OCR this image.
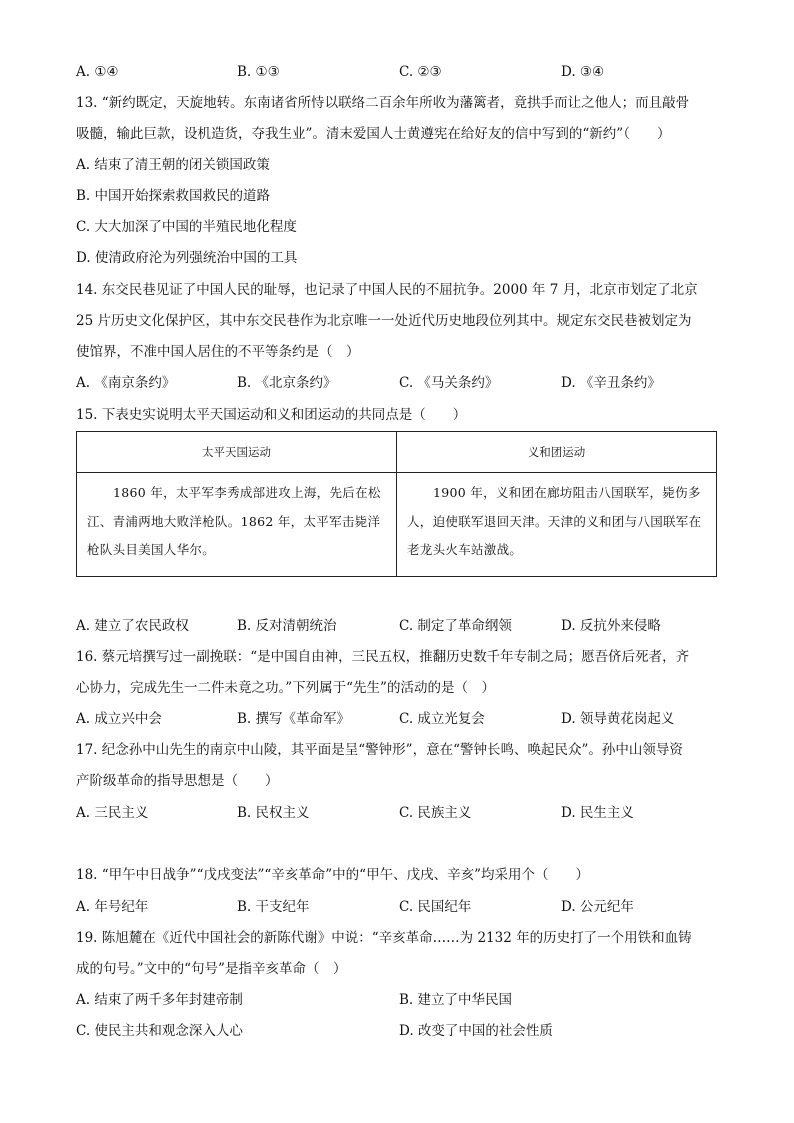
A. ①④	B. ①③	C. ②③	D. ③④
13. “新约既定，天旋地转。东南诸省所恃以联络二百余年所收为藩篱者，竟拱手而让之他人；而且敲骨
吸髓，输此巨款，设机造货，夺我生业”。清末爱国人士黄遵宪在给好友的信中写到的“新约”（　　）
A. 结束了清王朝的闭关锁国政策
B. 中国开始探索救国救民的道路
C. 大大加深了中国的半殖民地化程度
D. 使清政府沦为列强统治中国的工具
14. 东交民巷见证了中国人民的耻辱，也记录了中国人民的不屈抗争。2000 年 7 月，北京市划定了北京
25 片历史文化保护区，其中东交民巷作为北京唯一一处近代历史地段位列其中。规定东交民巷被划定为
使馆界，不准中国人居住的不平等条约是（　）
A. 《南京条约》	B. 《北京条约》	C. 《马关条约》	D. 《辛丑条约》
15. 下表史实说明太平天国运动和义和团运动的共同点是（　　）
太平天国运动	义和团运动
1860 年，太平军李秀成部进攻上海，先后在松江、青浦两地大败洋枪队。1862 年，太平军击毙洋枪队头目美国人华尔。	1900 年，义和团在廊坊阻击八国联军，毙伤多人，迫使联军退回天津。天津的义和团与八国联军在老龙头火车站激战。
A. 建立了农民政权	B. 反对清朝统治	C. 制定了革命纲领	D. 反抗外来侵略
16. 蔡元培撰写过一副挽联：“是中国自由神，三民五权，推翻历史数千年专制之局；愿吾侪后死者，齐
心协力，完成先生一二件未竟之功。”下列属于“先生”的活动的是（　）
A. 成立兴中会	B. 撰写《革命军》	C. 成立光复会	D. 领导黄花岗起义
17. 纪念孙中山先生的南京中山陵，其平面是呈“警钟形”，意在“警钟长鸣、唤起民众”。孙中山领导资
产阶级革命的指导思想是（　　）
A. 三民主义	B. 民权主义	C. 民族主义	D. 民生主义
18. “甲午中日战争”“戊戌变法”“辛亥革命”中的“甲午、戊戌、辛亥”均采用个（　　）
A. 年号纪年	B. 干支纪年	C. 民国纪年	D. 公元纪年
19. 陈旭麓在《近代中国社会的新陈代谢》中说：“辛亥革命……为 2132 年的历史打了一个用铁和血铸
成的句号。”文中的“句号”是指辛亥革命（　）
A. 结束了两千多年封建帝制	B. 建立了中华民国
C. 使民主共和观念深入人心	D. 改变了中国的社会性质
